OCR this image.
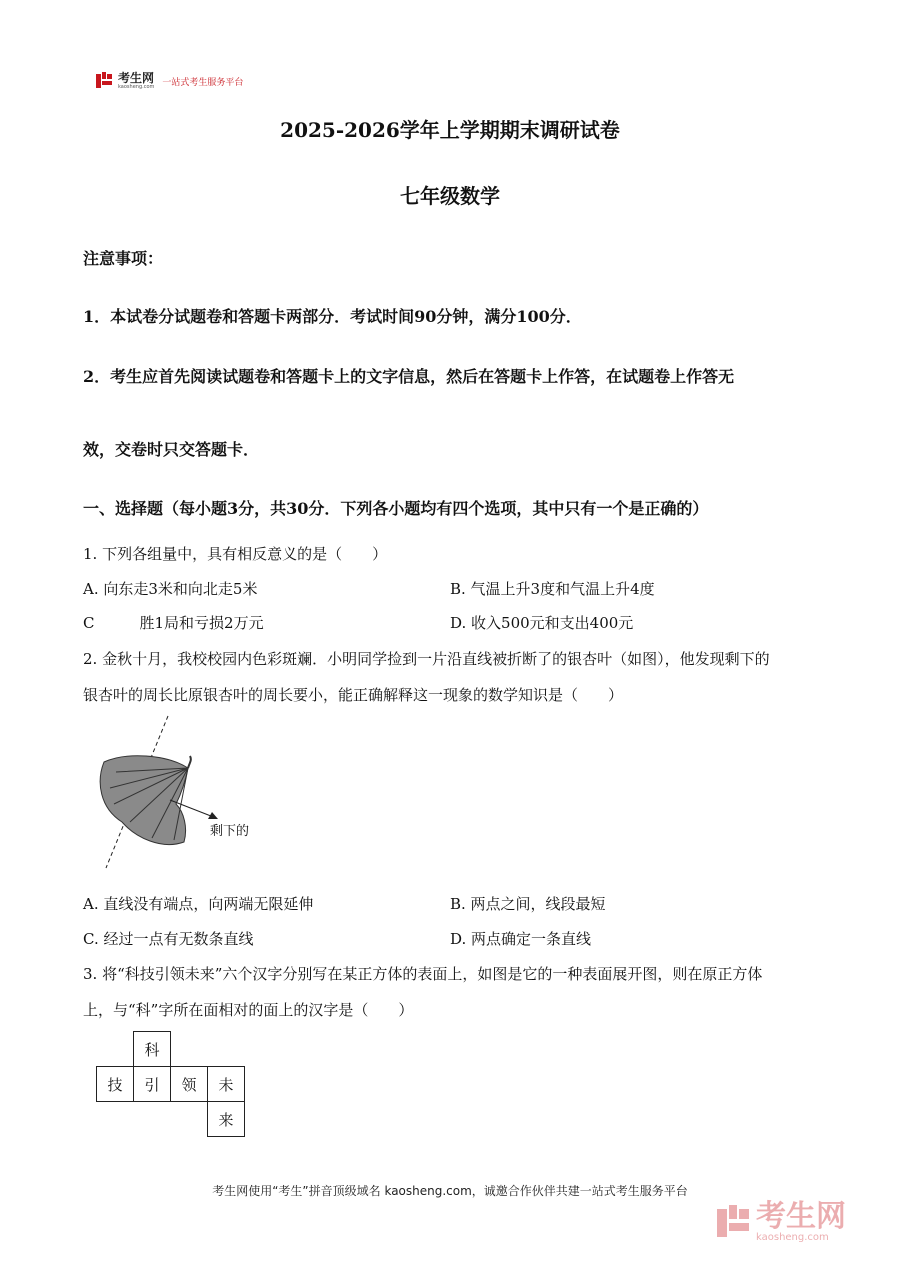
考生网
kaosheng.com 一站式考生服务平台
2025-2026学年上学期期末调研试卷
七年级数学
注意事项：
1．本试卷分试题卷和答题卡两部分．考试时间90分钟，满分100分．
2．考生应首先阅读试题卷和答题卡上的文字信息，然后在答题卡上作答，在试题卷上作答无
效，交卷时只交答题卡．
一、选择题（每小题3分，共30分．下列各小题均有四个选项，其中只有一个是正确的）
1. 下列各组量中，具有相反意义的是（　　）
A. 向东走3米和向北走5米	B. 气温上升3度和气温上升4度
C　　　胜1局和亏损2万元	D. 收入500元和支出400元
2. 金秋十月，我校校园内色彩斑斓．小明同学捡到一片沿直线被折断了的银杏叶（如图），他发现剩下的
银杏叶的周长比原银杏叶的周长要小，能正确解释这一现象的数学知识是（　　）
剩下的
A. 直线没有端点，向两端无限延伸	B. 两点之间，线段最短
C. 经过一点有无数条直线	D. 两点确定一条直线
3. 将“科技引领未来”六个汉字分别写在某正方体的表面上，如图是它的一种表面展开图，则在原正方体
上，与“科”字所在面相对的面上的汉字是（　　）
	科		
技	引	领	未
			来
考生网使用“考生”拼音顶级域名 kaosheng.com，诚邀合作伙伴共建一站式考生服务平台
考生网
kaosheng.com
